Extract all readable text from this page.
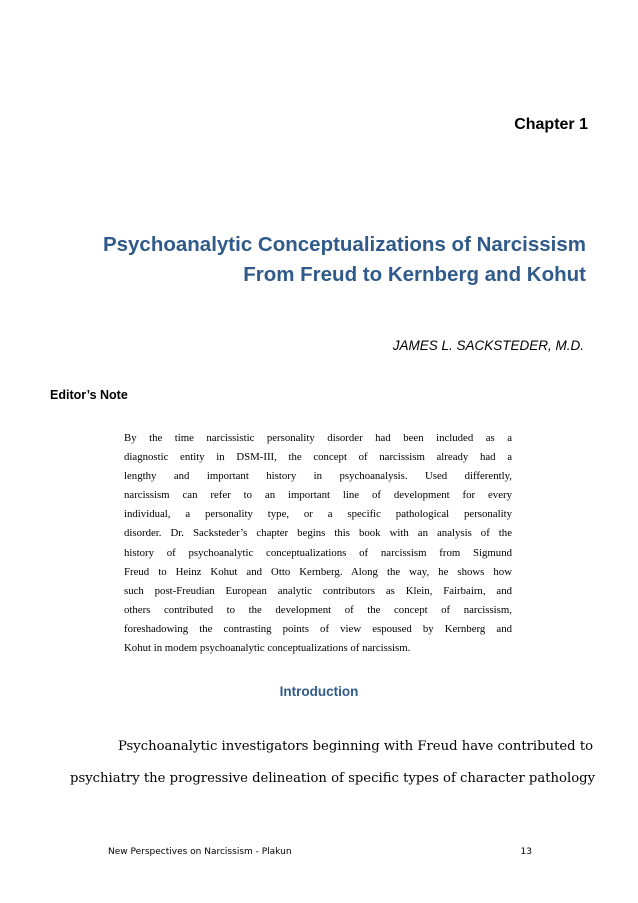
Chapter 1
Psychoanalytic Conceptualizations of Narcissism
From Freud to Kernberg and Kohut
JAMES L. SACKSTEDER, M.D.
Editor’s Note
By the time narcissistic personality disorder had been included as a
diagnostic entity in DSM-III, the concept of narcissism already had a
lengthy and important history in psychoanalysis. Used differently,
narcissism can refer to an important line of development for every
individual, a personality type, or a specific pathological personality
disorder. Dr. Sacksteder’s chapter begins this book with an analysis of the
history of psychoanalytic conceptualizations of narcissism from Sigmund
Freud to Heinz Kohut and Otto Kernberg. Along the way, he shows how
such post-Freudian European analytic contributors as Klein, Fairbairn, and
others contributed to the development of the concept of narcissism,
foreshadowing the contrasting points of view espoused by Kernberg and
Kohut in modem psychoanalytic conceptualizations of narcissism.
Introduction
Psychoanalytic investigators beginning with Freud have contributed to
psychiatry the progressive delineation of specific types of character pathology
New Perspectives on Narcissism - Plakun	13
